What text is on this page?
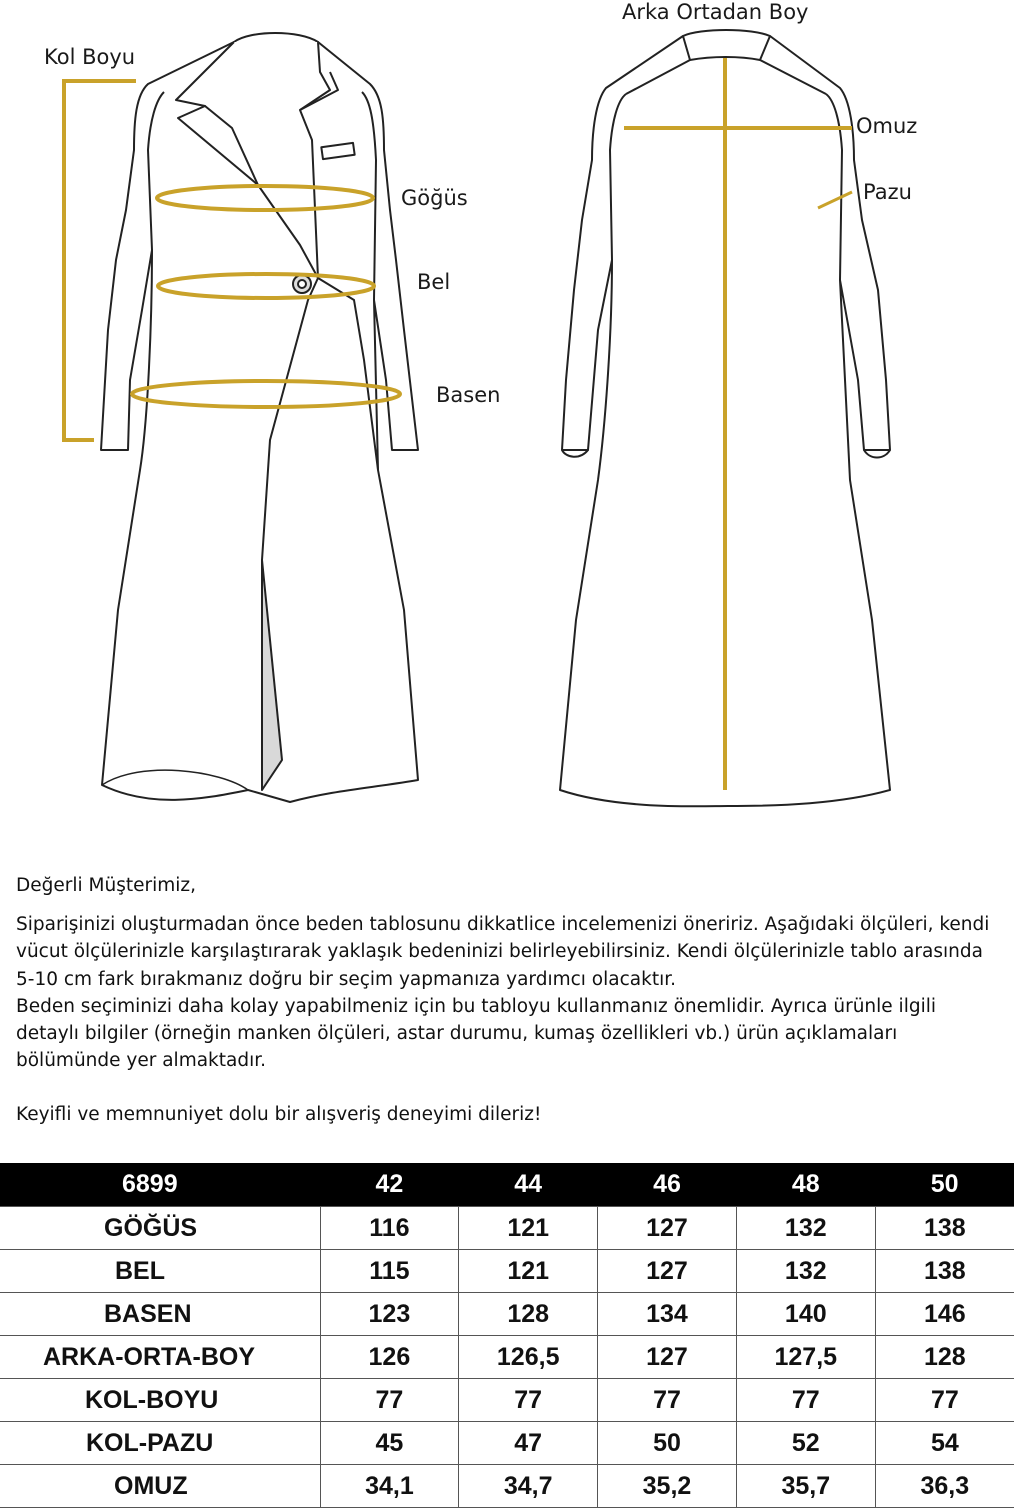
Kol Boyu
Arka Ortadan Boy
Omuz
Pazu
Göğüs
Bel
Basen

Değerli Müşterimiz,

Siparişinizi oluşturmadan önce beden tablosunu dikkatlice incelemenizi öneririz. Aşağıdaki ölçüleri, kendi vücut ölçülerinizle karşılaştırarak yaklaşık bedeninizi belirleyebilirsiniz. Kendi ölçülerinizle tablo arasında 5-10 cm fark bırakmanız doğru bir seçim yapmanıza yardımcı olacaktır.

Beden seçiminizi daha kolay yapabilmeniz için bu tabloyu kullanmanız önemlidir. Ayrıca ürünle ilgili detaylı bilgiler (örneğin manken ölçüleri, astar durumu, kumaş özellikleri vb.) ürün açıklamaları bölümünde yer almaktadır.

Keyifli ve memnuniyet dolu bir alışveriş deneyimi dileriz!

6899	42	44	46	48	50
GÖĞÜS	116	121	127	132	138
BEL	115	121	127	132	138
BASEN	123	128	134	140	146
ARKA-ORTA-BOY	126	126,5	127	127,5	128
KOL-BOYU	77	77	77	77	77
KOL-PAZU	45	47	50	52	54
OMUZ	34,1	34,7	35,2	35,7	36,3
